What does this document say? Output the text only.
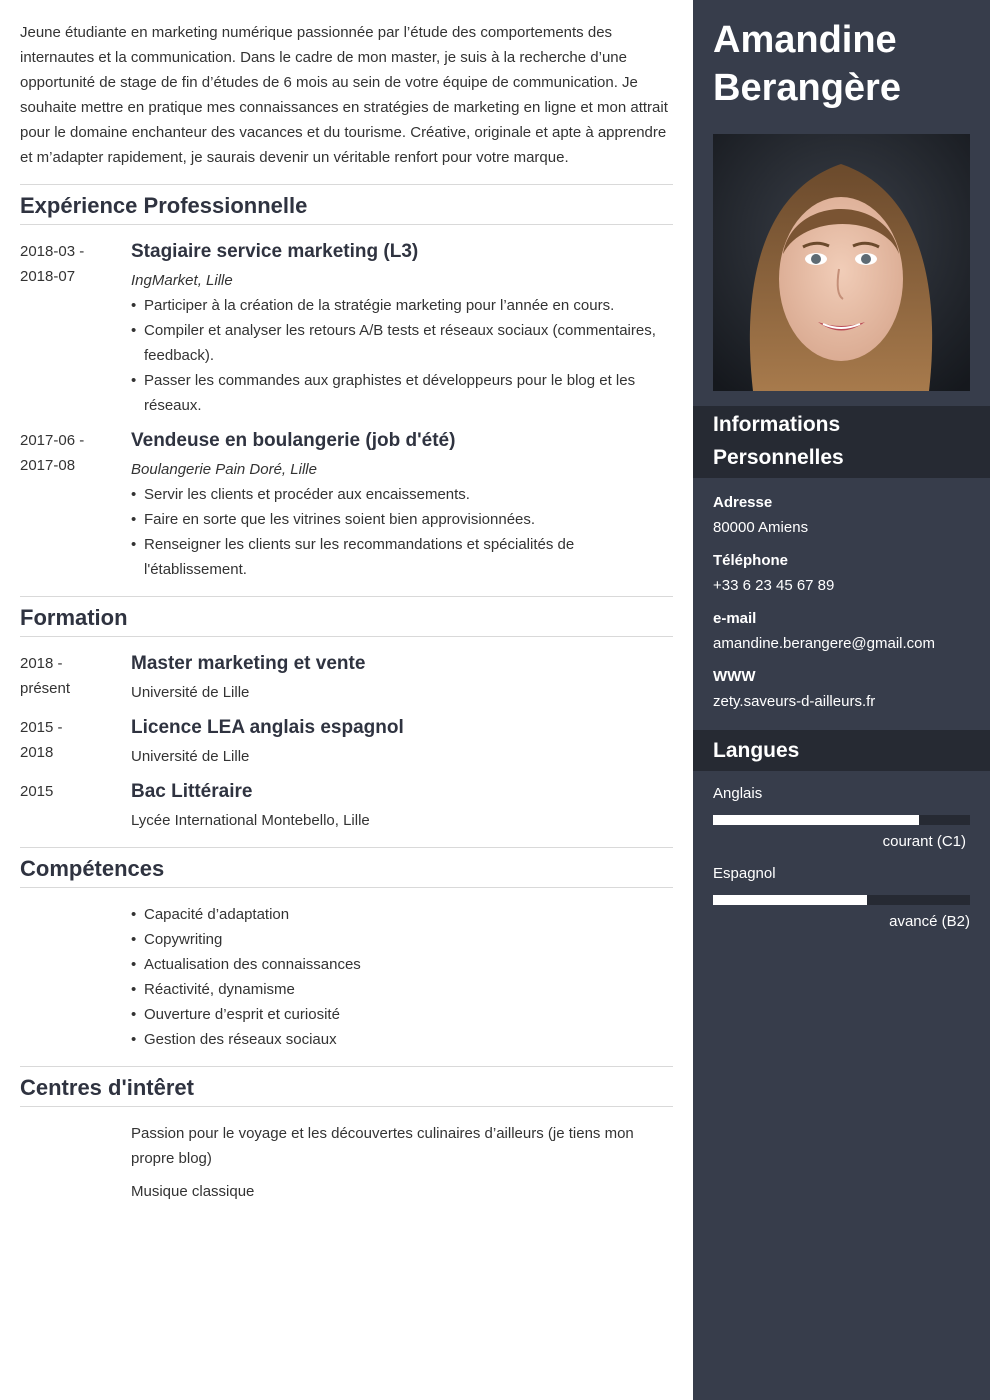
Jeune étudiante en marketing numérique passionnée par l’étude des comportements des internautes et la communication. Dans le cadre de mon master, je suis à la recherche d’une opportunité de stage de fin d’études de 6 mois au sein de votre équipe de communication. Je souhaite mettre en pratique mes connaissances en stratégies de marketing en ligne et mon attrait pour le domaine enchanteur des vacances et du tourisme. Créative, originale et apte à apprendre et m’adapter rapidement, je saurais devenir un véritable renfort pour votre marque.

Expérience Professionnelle
2018-03 -
2018-07
Stagiaire service marketing (L3)
IngMarket, Lille
• Participer à la création de la stratégie marketing pour l’année en cours.
• Compiler et analyser les retours A/B tests et réseaux sociaux (commentaires, feedback).
• Passer les commandes aux graphistes et développeurs pour le blog et les réseaux.
2017-06 -
2017-08
Vendeuse en boulangerie (job d'été)
Boulangerie Pain Doré, Lille
• Servir les clients et procéder aux encaissements.
• Faire en sorte que les vitrines soient bien approvisionnées.
• Renseigner les clients sur les recommandations et spécialités de l'établissement.
Formation
2018 -
présent
Master marketing et vente
Université de Lille
2015 -
2018
Licence LEA anglais espagnol
Université de Lille
2015	Bac Littéraire
Lycée International Montebello, Lille
Compétences
• Capacité d’adaptation
• Copywriting
• Actualisation des connaissances
• Réactivité, dynamisme
• Ouverture d’esprit et curiosité
• Gestion des réseaux sociaux
Centres d'intêret

Passion pour le voyage et les découvertes culinaires d’ailleurs (je tiens mon propre blog)

Musique classique

Amandine
Berangère
Informations
Personnelles
Adresse
80000 Amiens
Téléphone
+33 6 23 45 67 89
e-mail
amandine.berangere@gmail.com
WWW
zety.saveurs-d-ailleurs.fr
Langues
Anglais
courant (C1)
Espagnol
avancé (B2)
